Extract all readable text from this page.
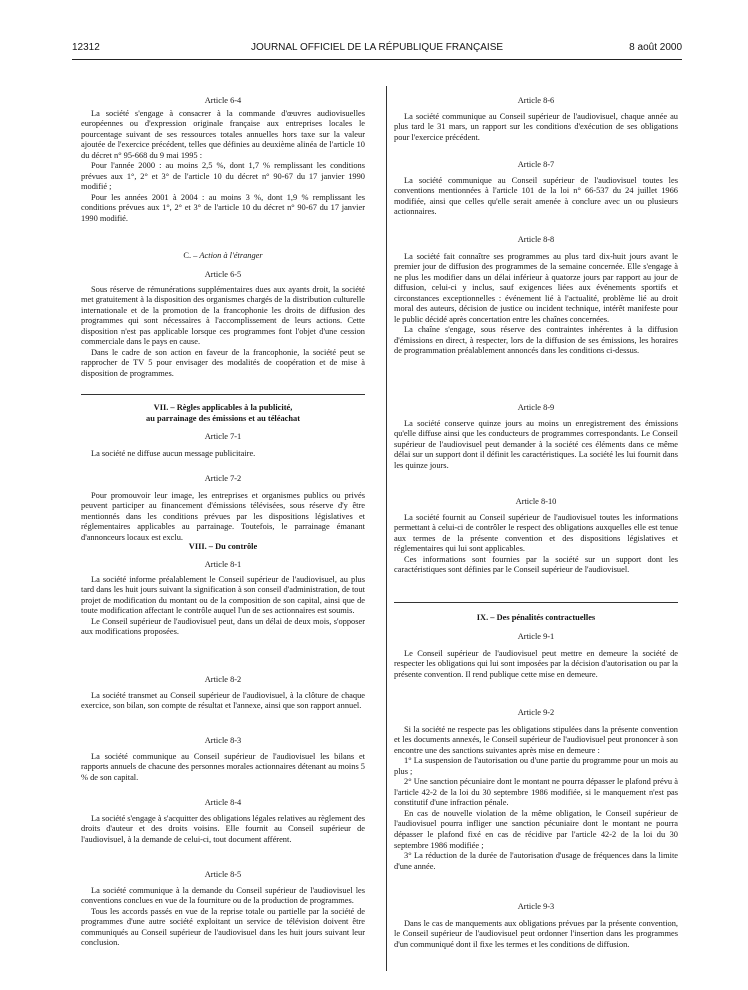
12312	JOURNAL OFFICIEL DE LA RÉPUBLIQUE FRANÇAISE	8 août 2000
Article 6-4

La société s'engage à consacrer à la commande d'œuvres audiovisuelles européennes ou d'expression originale française aux entreprises locales le pourcentage suivant de ses ressources totales annuelles hors taxe sur la valeur ajoutée de l'exercice précédent, telles que définies au deuxième alinéa de l'article 10 du décret n° 95-668 du 9 mai 1995 :

Pour l'année 2000 : au moins 2,5 %, dont 1,7 % remplissant les conditions prévues aux 1°, 2° et 3° de l'article 10 du décret n° 90-67 du 17 janvier 1990 modifié ;

Pour les années 2001 à 2004 : au moins 3 %, dont 1,9 % remplissant les conditions prévues aux 1°, 2° et 3° de l'article 10 du décret n° 90-67 du 17 janvier 1990 modifié.

C. – Action à l'étranger
Article 6-5

Sous réserve de rémunérations supplémentaires dues aux ayants droit, la société met gratuitement à la disposition des organismes chargés de la distribution culturelle internationale et de la promotion de la francophonie les droits de diffusion des programmes qui sont nécessaires à l'accomplissement de leurs actions. Cette disposition n'est pas applicable lorsque ces programmes font l'objet d'une cession commerciale dans le pays en cause.

Dans le cadre de son action en faveur de la francophonie, la société peut se rapprocher de TV 5 pour envisager des modalités de coopération et de mise à disposition de programmes.

VII. – Règles applicables à la publicité,
au parrainage des émissions et au téléachat
Article 7-1

La société ne diffuse aucun message publicitaire.

Article 7-2

Pour promouvoir leur image, les entreprises et organismes publics ou privés peuvent participer au financement d'émissions télévisées, sous réserve d'y être mentionnés dans les conditions prévues par les dispositions législatives et réglementaires applicables au parrainage. Toutefois, le parrainage émanant d'annonceurs locaux est exclu.

VIII. – Du contrôle
Article 8-1

La société informe préalablement le Conseil supérieur de l'audiovisuel, au plus tard dans les huit jours suivant la signification à son conseil d'administration, de tout projet de modification du montant ou de la composition de son capital, ainsi que de toute modification affectant le contrôle auquel l'un de ses actionnaires est soumis.

Le Conseil supérieur de l'audiovisuel peut, dans un délai de deux mois, s'opposer aux modifications proposées.

Article 8-2

La société transmet au Conseil supérieur de l'audiovisuel, à la clôture de chaque exercice, son bilan, son compte de résultat et l'annexe, ainsi que son rapport annuel.

Article 8-3

La société communique au Conseil supérieur de l'audiovisuel les bilans et rapports annuels de chacune des personnes morales actionnaires détenant au moins 5 % de son capital.

Article 8-4

La société s'engage à s'acquitter des obligations légales relatives au règlement des droits d'auteur et des droits voisins. Elle fournit au Conseil supérieur de l'audiovisuel, à la demande de celui-ci, tout document afférent.

Article 8-5

La société communique à la demande du Conseil supérieur de l'audiovisuel les conventions conclues en vue de la fourniture ou de la production de programmes.

Tous les accords passés en vue de la reprise totale ou partielle par la société de programmes d'une autre société exploitant un service de télévision doivent être communiqués au Conseil supérieur de l'audiovisuel dans les huit jours suivant leur conclusion.

Article 8-6

La société communique au Conseil supérieur de l'audiovisuel, chaque année au plus tard le 31 mars, un rapport sur les conditions d'exécution de ses obligations pour l'exercice précédent.

Article 8-7

La société communique au Conseil supérieur de l'audiovisuel toutes les conventions mentionnées à l'article 101 de la loi n° 66-537 du 24 juillet 1966 modifiée, ainsi que celles qu'elle serait amenée à conclure avec un ou plusieurs actionnaires.

Article 8-8

La société fait connaître ses programmes au plus tard dix-huit jours avant le premier jour de diffusion des programmes de la semaine concernée. Elle s'engage à ne plus les modifier dans un délai inférieur à quatorze jours par rapport au jour de diffusion, celui-ci y inclus, sauf exigences liées aux événements sportifs et circonstances exceptionnelles : événement lié à l'actualité, problème lié au droit moral des auteurs, décision de justice ou incident technique, intérêt manifeste pour le public décidé après concertation entre les chaînes concernées.

La chaîne s'engage, sous réserve des contraintes inhérentes à la diffusion d'émissions en direct, à respecter, lors de la diffusion de ses émissions, les horaires de programmation préalablement annoncés dans les conditions ci-dessus.

Article 8-9

La société conserve quinze jours au moins un enregistrement des émissions qu'elle diffuse ainsi que les conducteurs de programmes correspondants. Le Conseil supérieur de l'audiovisuel peut demander à la société ces éléments dans ce même délai sur un support dont il définit les caractéristiques. La société les lui fournit dans les quinze jours.

Article 8-10

La société fournit au Conseil supérieur de l'audiovisuel toutes les informations permettant à celui-ci de contrôler le respect des obligations auxquelles elle est tenue aux termes de la présente convention et des dispositions législatives et réglementaires qui lui sont applicables.

Ces informations sont fournies par la société sur un support dont les caractéristiques sont définies par le Conseil supérieur de l'audiovisuel.

IX. – Des pénalités contractuelles
Article 9-1

Le Conseil supérieur de l'audiovisuel peut mettre en demeure la société de respecter les obligations qui lui sont imposées par la décision d'autorisation ou par la présente convention. Il rend publique cette mise en demeure.

Article 9-2

Si la société ne respecte pas les obligations stipulées dans la présente convention et les documents annexés, le Conseil supérieur de l'audiovisuel peut prononcer à son encontre une des sanctions suivantes après mise en demeure :

1° La suspension de l'autorisation ou d'une partie du programme pour un mois au plus ;

2° Une sanction pécuniaire dont le montant ne pourra dépasser le plafond prévu à l'article 42-2 de la loi du 30 septembre 1986 modifiée, si le manquement n'est pas constitutif d'une infraction pénale.

En cas de nouvelle violation de la même obligation, le Conseil supérieur de l'audiovisuel pourra infliger une sanction pécuniaire dont le montant ne pourra dépasser le plafond fixé en cas de récidive par l'article 42-2 de la loi du 30 septembre 1986 modifiée ;

3° La réduction de la durée de l'autorisation d'usage de fréquences dans la limite d'une année.

Article 9-3

Dans le cas de manquements aux obligations prévues par la présente convention, le Conseil supérieur de l'audiovisuel peut ordonner l'insertion dans les programmes d'un communiqué dont il fixe les termes et les conditions de diffusion.
